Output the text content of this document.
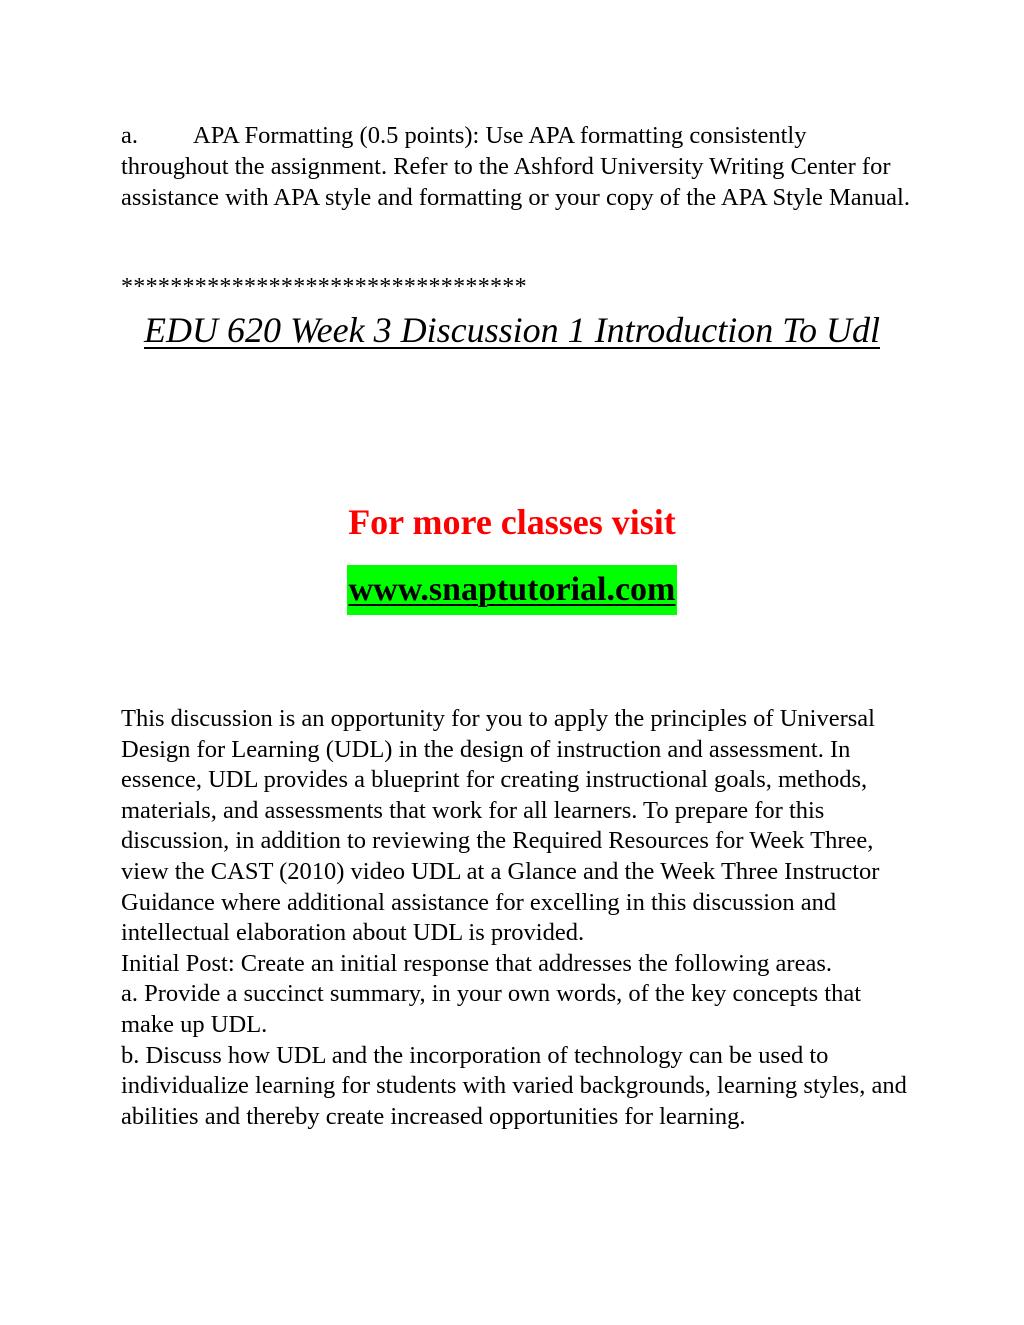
a. APA Formatting (0.5 points): Use APA formatting consistently throughout the assignment. Refer to the Ashford University Writing Center for assistance with APA style and formatting or your copy of the APA Style Manual.

*********************************

EDU 620 Week 3 Discussion 1 Introduction To Udl

For more classes visit

www.snaptutorial.com

This discussion is an opportunity for you to apply the principles of Universal Design for Learning (UDL) in the design of instruction and assessment. In essence, UDL provides a blueprint for creating instructional goals, methods, materials, and assessments that work for all learners. To prepare for this discussion, in addition to reviewing the Required Resources for Week Three, view the CAST (2010) video UDL at a Glance and the Week Three Instructor Guidance where additional assistance for excelling in this discussion and intellectual elaboration about UDL is provided.

Initial Post: Create an initial response that addresses the following areas.

a. Provide a succinct summary, in your own words, of the key concepts that make up UDL.

b. Discuss how UDL and the incorporation of technology can be used to individualize learning for students with varied backgrounds, learning styles, and abilities and thereby create increased opportunities for learning.
